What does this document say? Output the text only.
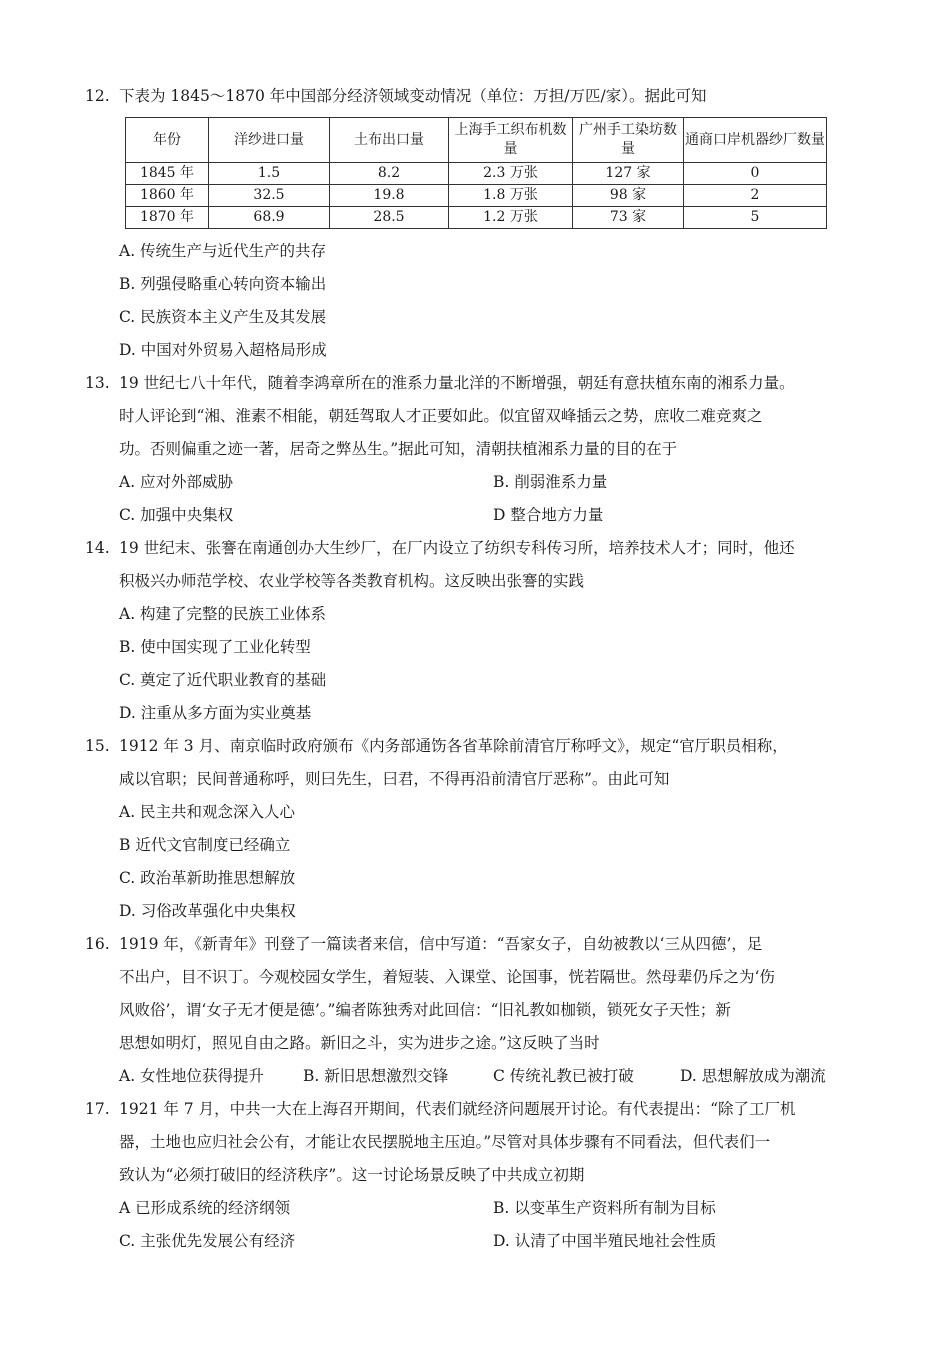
12. 下表为 1845～1870 年中国部分经济领域变动情况（单位：万担/万匹/家）。据此可知
年份	洋纱进口量	土布出口量	上海手工织布机数量	广州手工染坊数量	通商口岸机器纱厂数量
1845 年	1.5	8.2	2.3 万张	127 家	0
1860 年	32.5	19.8	1.8 万张	98 家	2
1870 年	68.9	28.5	1.2 万张	73 家	5
A. 传统生产与近代生产的共存
B. 列强侵略重心转向资本输出
C. 民族资本主义产生及其发展
D. 中国对外贸易入超格局形成
13. 19 世纪七八十年代，随着李鸿章所在的淮系力量北洋的不断增强，朝廷有意扶植东南的湘系力量。
时人评论到“湘、淮素不相能，朝廷驾取人才正要如此。似宜留双峰插云之势，庶收二难竞爽之
功。否则偏重之迹一著，居奇之弊丛生。”据此可知，清朝扶植湘系力量的目的在于
A. 应对外部威胁	B. 削弱淮系力量
C. 加强中央集权	D 整合地方力量
14. 19 世纪末、张謇在南通创办大生纱厂，在厂内设立了纺织专科传习所，培养技术人才；同时，他还
积极兴办师范学校、农业学校等各类教育机构。这反映出张謇的实践
A. 构建了完整的民族工业体系
B. 使中国实现了工业化转型
C. 奠定了近代职业教育的基础
D. 注重从多方面为实业奠基
15. 1912 年 3 月、南京临时政府颁布《内务部通饬各省革除前清官厅称呼文》，规定“官厅职员相称，
咸以官职；民间普通称呼，则曰先生，曰君，不得再沿前清官厅恶称”。由此可知
A. 民主共和观念深入人心
B 近代文官制度已经确立
C. 政治革新助推思想解放
D. 习俗改革强化中央集权
16. 1919 年，《新青年》刊登了一篇读者来信，信中写道：“吾家女子，自幼被教以‘三从四德’，足
不出户，目不识丁。今观校园女学生，着短装、入课堂、论国事，恍若隔世。然母辈仍斥之为‘伤
风败俗’，谓‘女子无才便是德’。”编者陈独秀对此回信：“旧礼教如枷锁，锁死女子天性；新
思想如明灯，照见自由之路。新旧之斗，实为进步之途。”这反映了当时
A. 女性地位获得提升	B. 新旧思想激烈交锋	C 传统礼教已被打破	D. 思想解放成为潮流
17. 1921 年 7 月，中共一大在上海召开期间，代表们就经济问题展开讨论。有代表提出：“除了工厂机
器，土地也应归社会公有，才能让农民摆脱地主压迫。”尽管对具体步骤有不同看法，但代表们一
致认为“必须打破旧的经济秩序”。这一讨论场景反映了中共成立初期
A 已形成系统的经济纲领	B. 以变革生产资料所有制为目标
C. 主张优先发展公有经济	D. 认清了中国半殖民地社会性质
